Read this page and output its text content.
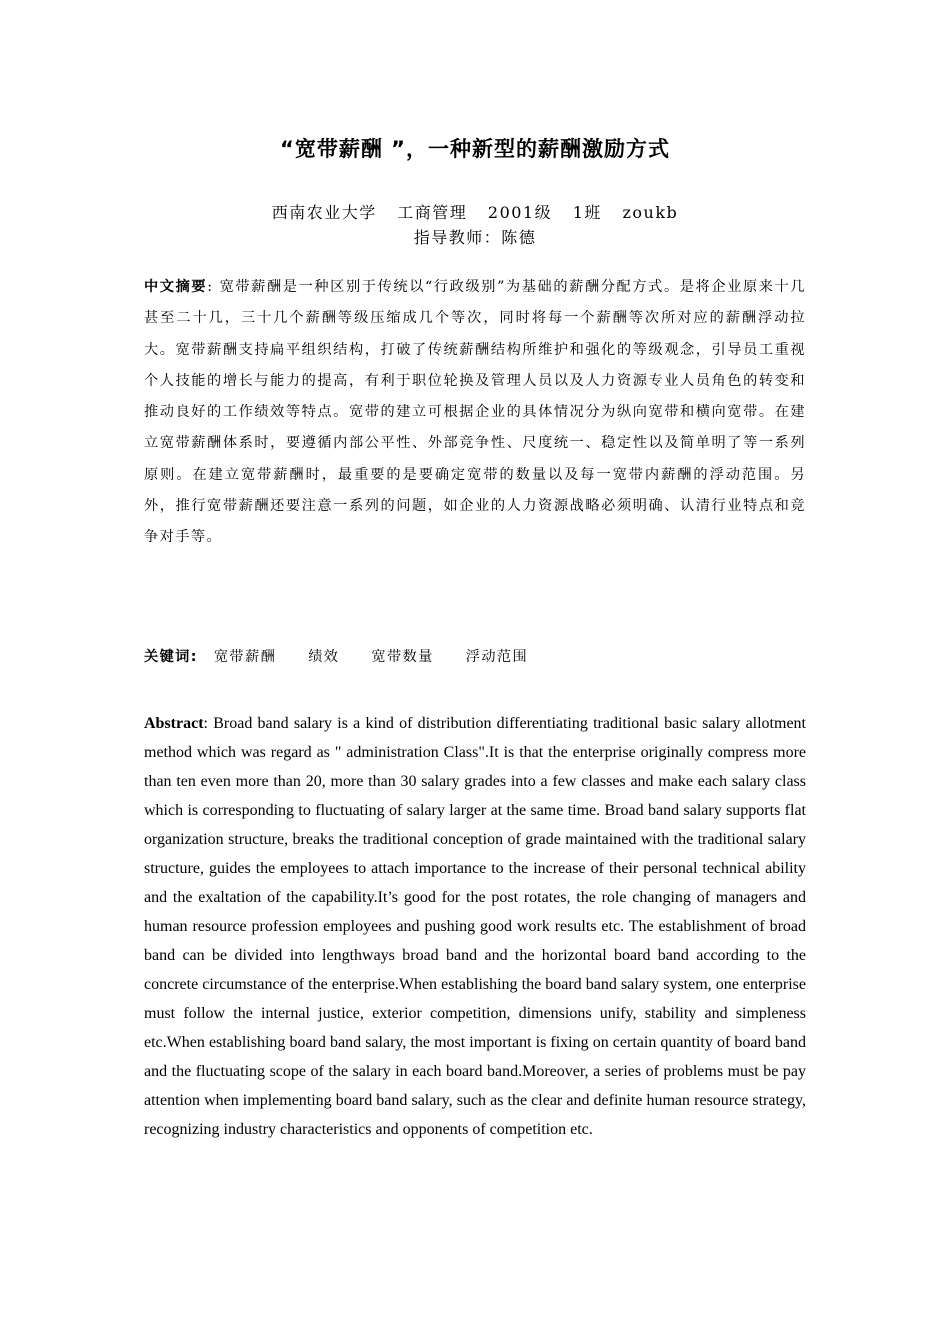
“宽带薪酬 ”，一种新型的薪酬激励方式
西南农业大学 工商管理 2001级 1班 zoukb
指导教师：陈德
中文摘要: 宽带薪酬是一种区别于传统以“行政级别”为基础的薪酬分配方式。是将企业原来十几甚至二十几，三十几个薪酬等级压缩成几个等次，同时将每一个薪酬等次所对应的薪酬浮动拉大。宽带薪酬支持扁平组织结构，打破了传统薪酬结构所维护和强化的等级观念，引导员工重视个人技能的增长与能力的提高，有利于职位轮换及管理人员以及人力资源专业人员角色的转变和推动良好的工作绩效等特点。宽带的建立可根据企业的具体情况分为纵向宽带和横向宽带。在建立宽带薪酬体系时，要遵循内部公平性、外部竞争性、尺度统一、稳定性以及简单明了等一系列原则。在建立宽带薪酬时，最重要的是要确定宽带的数量以及每一宽带内薪酬的浮动范围。另外，推行宽带薪酬还要注意一系列的问题，如企业的人力资源战略必须明确、认清行业特点和竞争对手等。
关键词: 宽带薪酬 绩效 宽带数量 浮动范围
Abstract: Broad band salary is a kind of distribution differentiating traditional basic salary allotment method which was regard as " administration Class".It is that the enterprise originally compress more than ten even more than 20, more than 30 salary grades into a few classes and make each salary class which is corresponding to fluctuating of salary larger at the same time. Broad band salary supports flat organization structure, breaks the traditional conception of grade maintained with the traditional salary structure, guides the employees to attach importance to the increase of their personal technical ability and the exaltation of the capability.It’s good for the post rotates, the role changing of managers and human resource profession employees and pushing good work results etc. The establishment of broad band can be divided into lengthways broad band and the horizontal board band according to the concrete circumstance of the enterprise.When establishing the board band salary system, one enterprise must follow the internal justice, exterior competition, dimensions unify, stability and simpleness etc.When establishing board band salary, the most important is fixing on certain quantity of board band and the fluctuating scope of the salary in each board band.Moreover, a series of problems must be pay attention when implementing board band salary, such as the clear and definite human resource strategy, recognizing industry characteristics and opponents of competition etc.
